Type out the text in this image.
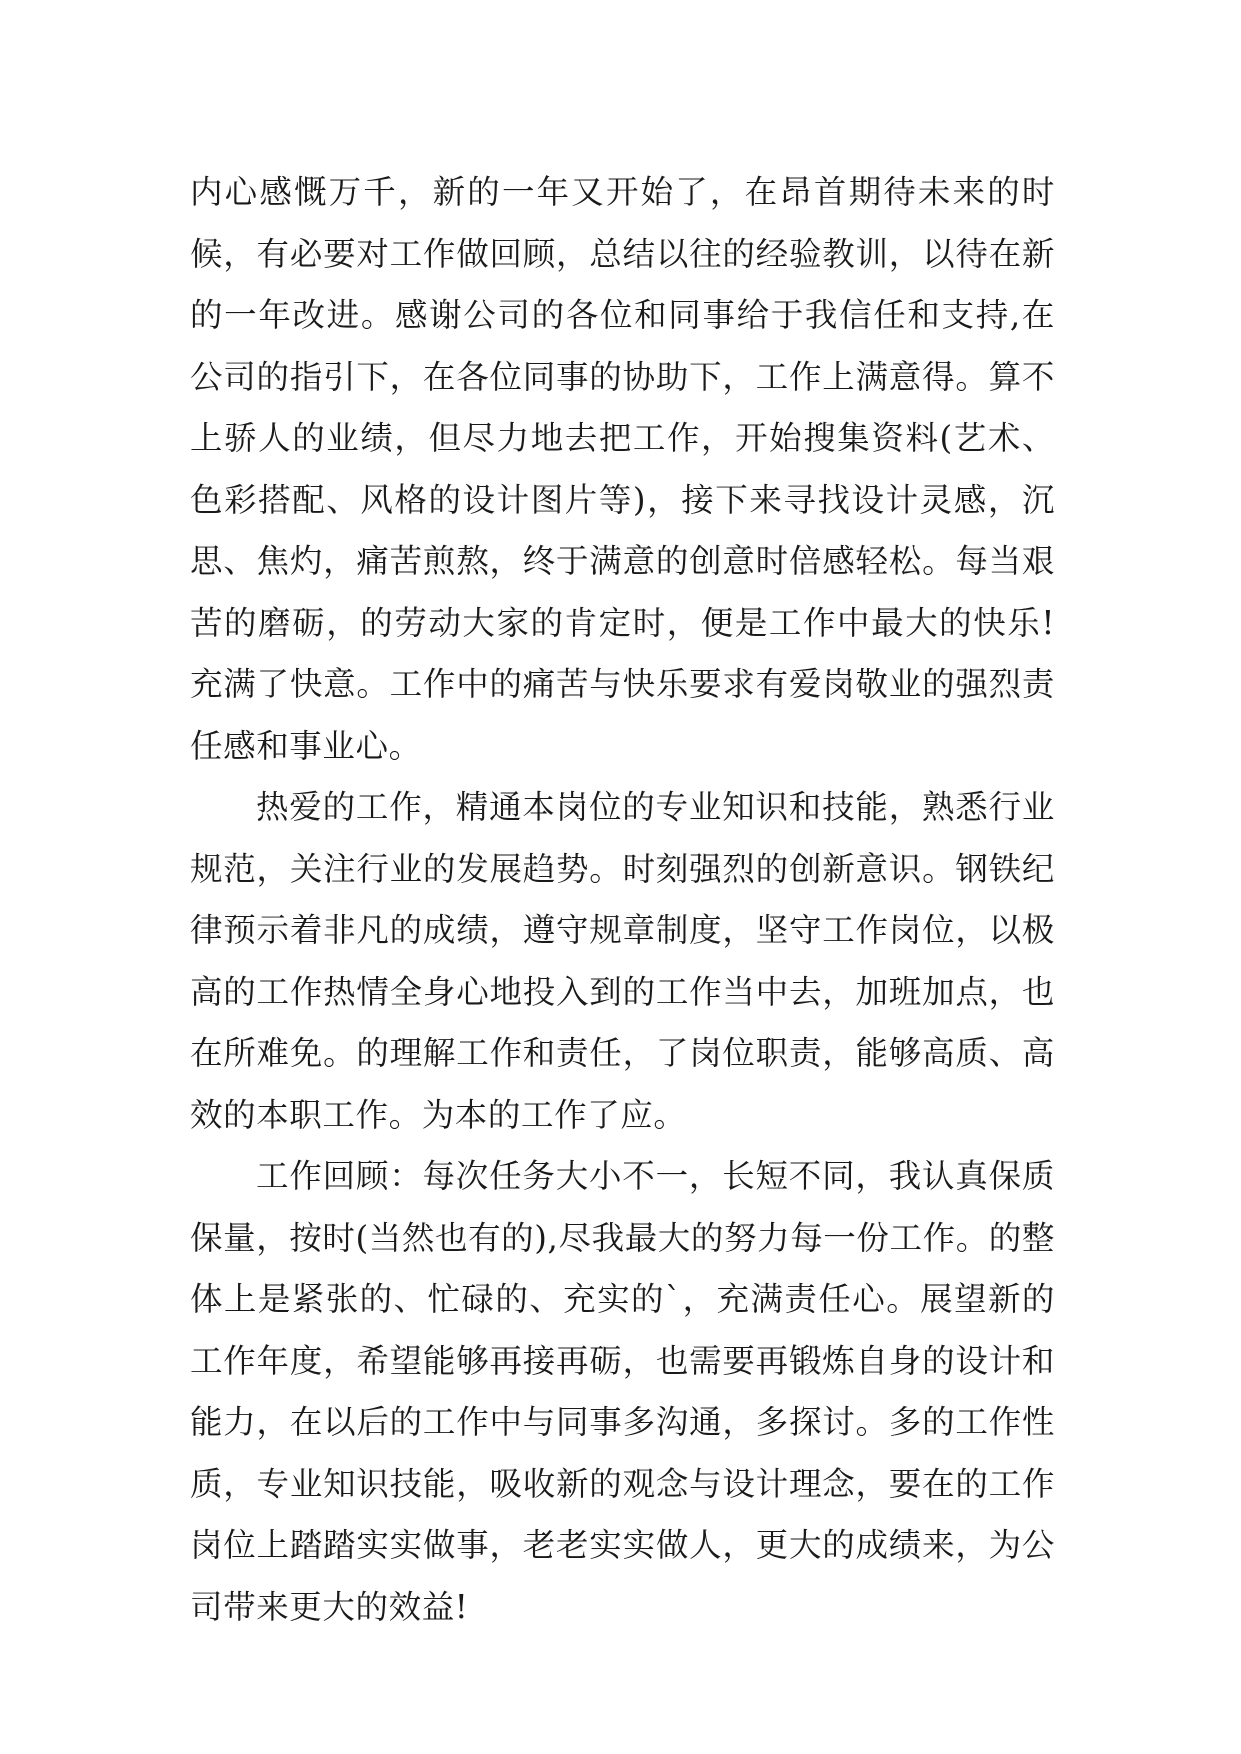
内心感慨万千，新的一年又开始了，在昂首期待未来的时候，有必要对工作做回顾，总结以往的经验教训，以待在新的一年改进。感谢公司的各位和同事给于我信任和支持,在公司的指引下，在各位同事的协助下，工作上满意得。算不上骄人的业绩，但尽力地去把工作，开始搜集资料(艺术、色彩搭配、风格的设计图片等)，接下来寻找设计灵感，沉思、焦灼，痛苦煎熬，终于满意的创意时倍感轻松。每当艰苦的磨砺，的劳动大家的肯定时，便是工作中最大的快乐!充满了快意。工作中的痛苦与快乐要求有爱岗敬业的强烈责任感和事业心。

热爱的工作，精通本岗位的专业知识和技能，熟悉行业规范，关注行业的发展趋势。时刻强烈的创新意识。钢铁纪律预示着非凡的成绩，遵守规章制度，坚守工作岗位，以极高的工作热情全身心地投入到的工作当中去，加班加点，也在所难免。的理解工作和责任，了岗位职责，能够高质、高效的本职工作。为本的工作了应。

工作回顾：每次任务大小不一，长短不同，我认真保质保量，按时(当然也有的),尽我最大的努力每一份工作。的整体上是紧张的、忙碌的、充实的`，充满责任心。展望新的工作年度，希望能够再接再砺，也需要再锻炼自身的设计和能力，在以后的工作中与同事多沟通，多探讨。多的工作性质，专业知识技能，吸收新的观念与设计理念，要在的工作岗位上踏踏实实做事，老老实实做人，更大的成绩来，为公司带来更大的效益!
